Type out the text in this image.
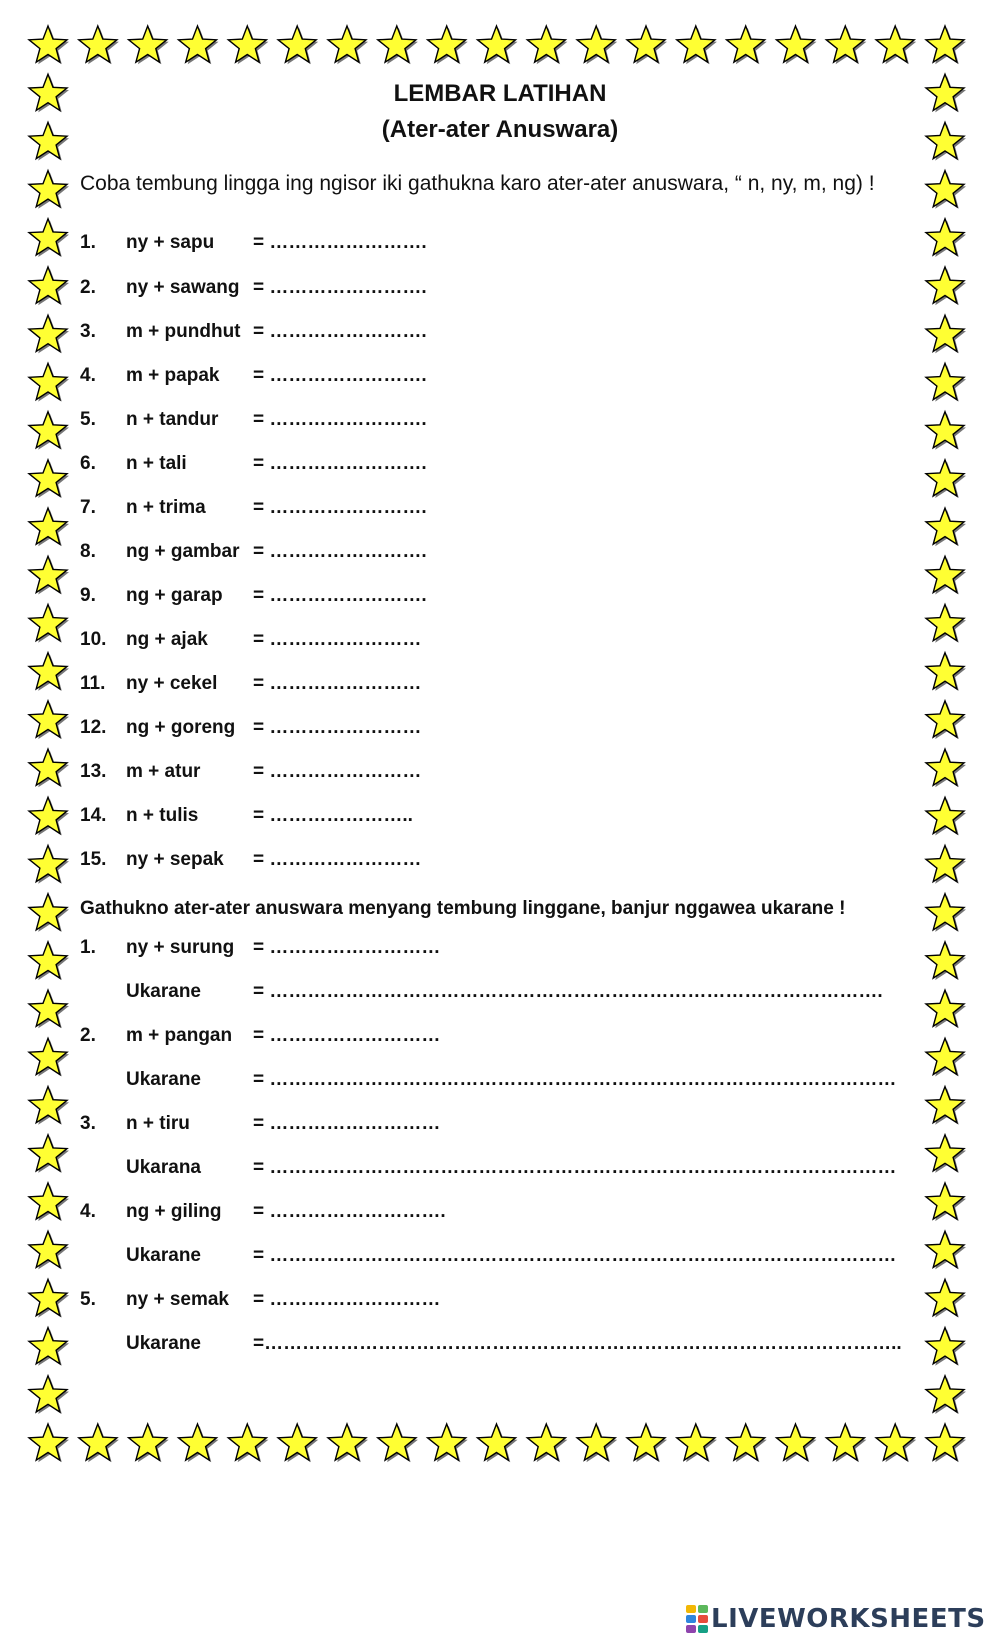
LEMBAR LATIHAN
(Ater-ater Anuswara)
Coba tembung lingga ing ngisor iki gathukna karo ater-ater anuswara, “ n, ny, m, ng) !
1. ny + sapu = …………………….
2. ny + sawang = …………………….
3. m + pundhut = …………………….
4. m + papak = …………………….
5. n + tandur = …………………….
6. n + tali	= …………………….
7. n + trima = …………………….
8. ng + gambar = …………………….
9. ng + garap = …………………….
10. ng + ajak = ……………………
11. ny + cekel = ……………………
12. ng + goreng = ……………………
13. m + atur	= ……………………
14. n + tulis	= …………………..
15. ny + sepak = ……………………
Gathukno ater-ater anuswara menyang tembung linggane, banjur nggawea ukarane !
1. ny + surung = ………………………
Ukarane	= …………………………………………………………………………………….
2. m + pangan = ………………………
Ukarane	= ………………………………………………………………………………………
3. n + tiru	= ………………………
Ukarana	= ………………………………………………………………………………………
4. ng + giling = ……………………….
Ukarane	= ………………………………………………………………………………………
5. ny + semak = ………………………
Ukarane	=………………………………………………………………………………………..
LIVEWORKSHEETS
